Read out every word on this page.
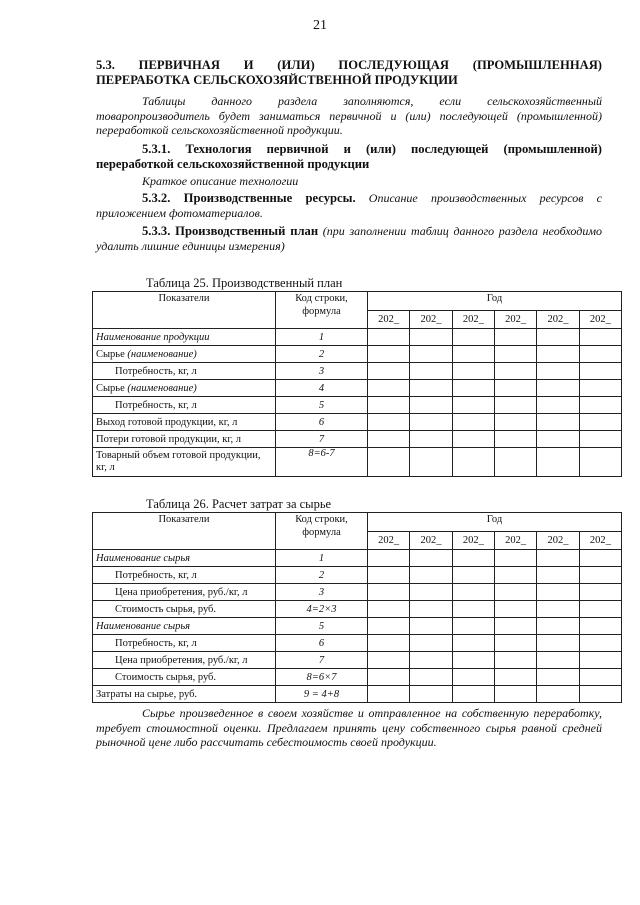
21
5.3. ПЕРВИЧНАЯ И (ИЛИ) ПОСЛЕДУЮЩАЯ (ПРОМЫШЛЕННАЯ)
ПЕРЕРАБОТКА СЕЛЬСКОХОЗЯЙСТВЕННОЙ ПРОДУКЦИИ
Таблицы данного раздела заполняются, если сельскохозяйственный товаропроизводитель будет заниматься первичной и (или) последующей (промышленной) переработкой сельскохозяйственной продукции.
5.3.1. Технология первичной и (или) последующей (промышленной) переработкой сельскохозяйственной продукции
Краткое описание технологии
5.3.2. Производственные ресурсы. Описание производственных ресурсов с приложением фотоматериалов.
5.3.3. Производственный план (при заполнении таблиц данного раздела необходимо удалить лишние единицы измерения)
Таблица 25. Производственный план
Показатели	Код строки, формула	Год					
		202_	202_	202_	202_	202_	202_
Наименование продукции	1						
Сырье (наименование)	2						
Потребность, кг, л	3						
Сырье (наименование)	4						
Потребность, кг, л	5						
Выход готовой продукции, кг, л	6						
Потери готовой продукции, кг, л	7						
Товарный объем готовой продукции, кг, л	8=6-7						
Таблица 26. Расчет затрат за сырье
Показатели	Код строки, формула	Год					
		202_	202_	202_	202_	202_	202_
Наименование сырья	1						
Потребность, кг, л	2						
Цена приобретения, руб./кг, л	3						
Стоимость сырья, руб.	4=2×3						
Наименование сырья	5						
Потребность, кг, л	6						
Цена приобретения, руб./кг, л	7						
Стоимость сырья, руб.	8=6×7						
Затраты на сырье, руб.	9 = 4+8						
Сырье произведенное в своем хозяйстве и отправленное на собственную переработку, требует стоимостной оценки. Предлагаем принять цену собственного сырья равной средней рыночной цене либо рассчитать себестоимость своей продукции.
